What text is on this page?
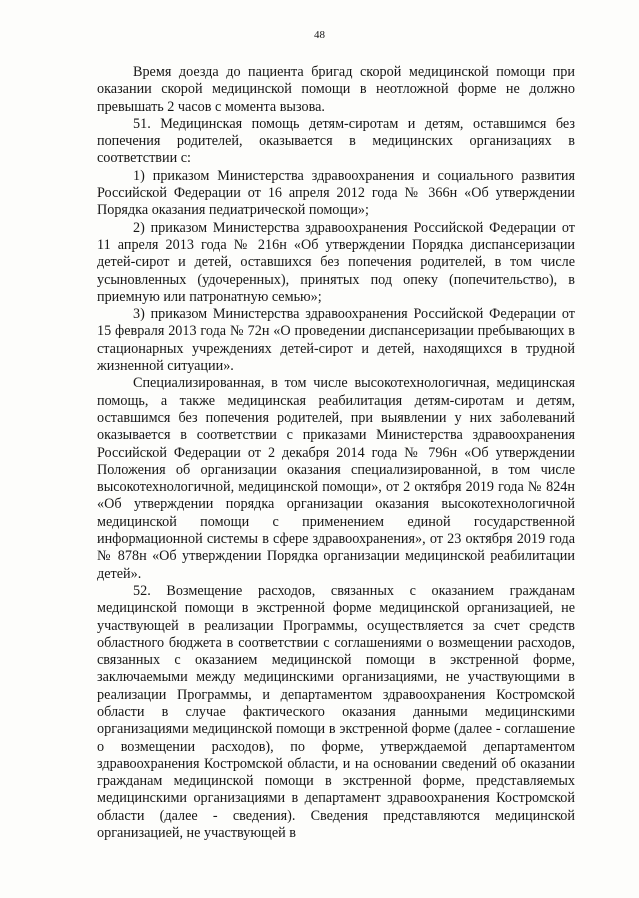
48

Время доезда до пациента бригад скорой медицинской помощи при оказании скорой медицинской помощи в неотложной форме не должно превышать 2 часов с момента вызова.

51. Медицинская помощь детям-сиротам и детям, оставшимся без попечения родителей, оказывается в медицинских организациях в соответствии с:

1) приказом Министерства здравоохранения и социального развития Российской Федерации от 16 апреля 2012 года № 366н «Об утверждении Порядка оказания педиатрической помощи»;

2) приказом Министерства здравоохранения Российской Федерации от 11 апреля 2013 года № 216н «Об утверждении Порядка диспансеризации детей-сирот и детей, оставшихся без попечения родителей, в том числе усыновленных (удочеренных), принятых под опеку (попечительство), в приемную или патронатную семью»;

3) приказом Министерства здравоохранения Российской Федерации от 15 февраля 2013 года № 72н «О проведении диспансеризации пребывающих в стационарных учреждениях детей-сирот и детей, находящихся в трудной жизненной ситуации».

Специализированная, в том числе высокотехнологичная, медицинская помощь, а также медицинская реабилитация детям-сиротам и детям, оставшимся без попечения родителей, при выявлении у них заболеваний оказывается в соответствии с приказами Министерства здравоохранения Российской Федерации от 2 декабря 2014 года № 796н «Об утверждении Положения об организации оказания специализированной, в том числе высокотехнологичной, медицинской помощи», от 2 октября 2019 года № 824н «Об утверждении порядка организации оказания высокотехнологичной медицинской помощи с применением единой государственной информационной системы в сфере здравоохранения», от 23 октября 2019 года № 878н «Об утверждении Порядка организации медицинской реабилитации детей».

52. Возмещение расходов, связанных с оказанием гражданам медицинской помощи в экстренной форме медицинской организацией, не участвующей в реализации Программы, осуществляется за счет средств областного бюджета в соответствии с соглашениями о возмещении расходов, связанных с оказанием медицинской помощи в экстренной форме, заключаемыми между медицинскими организациями, не участвующими в реализации Программы, и департаментом здравоохранения Костромской области в случае фактического оказания данными медицинскими организациями медицинской помощи в экстренной форме (далее - соглашение о возмещении расходов), по форме, утверждаемой департаментом здравоохранения Костромской области, и на основании сведений об оказании гражданам медицинской помощи в экстренной форме, представляемых медицинскими организациями в департамент здравоохранения Костромской области (далее - сведения). Сведения представляются медицинской организацией, не участвующей в
